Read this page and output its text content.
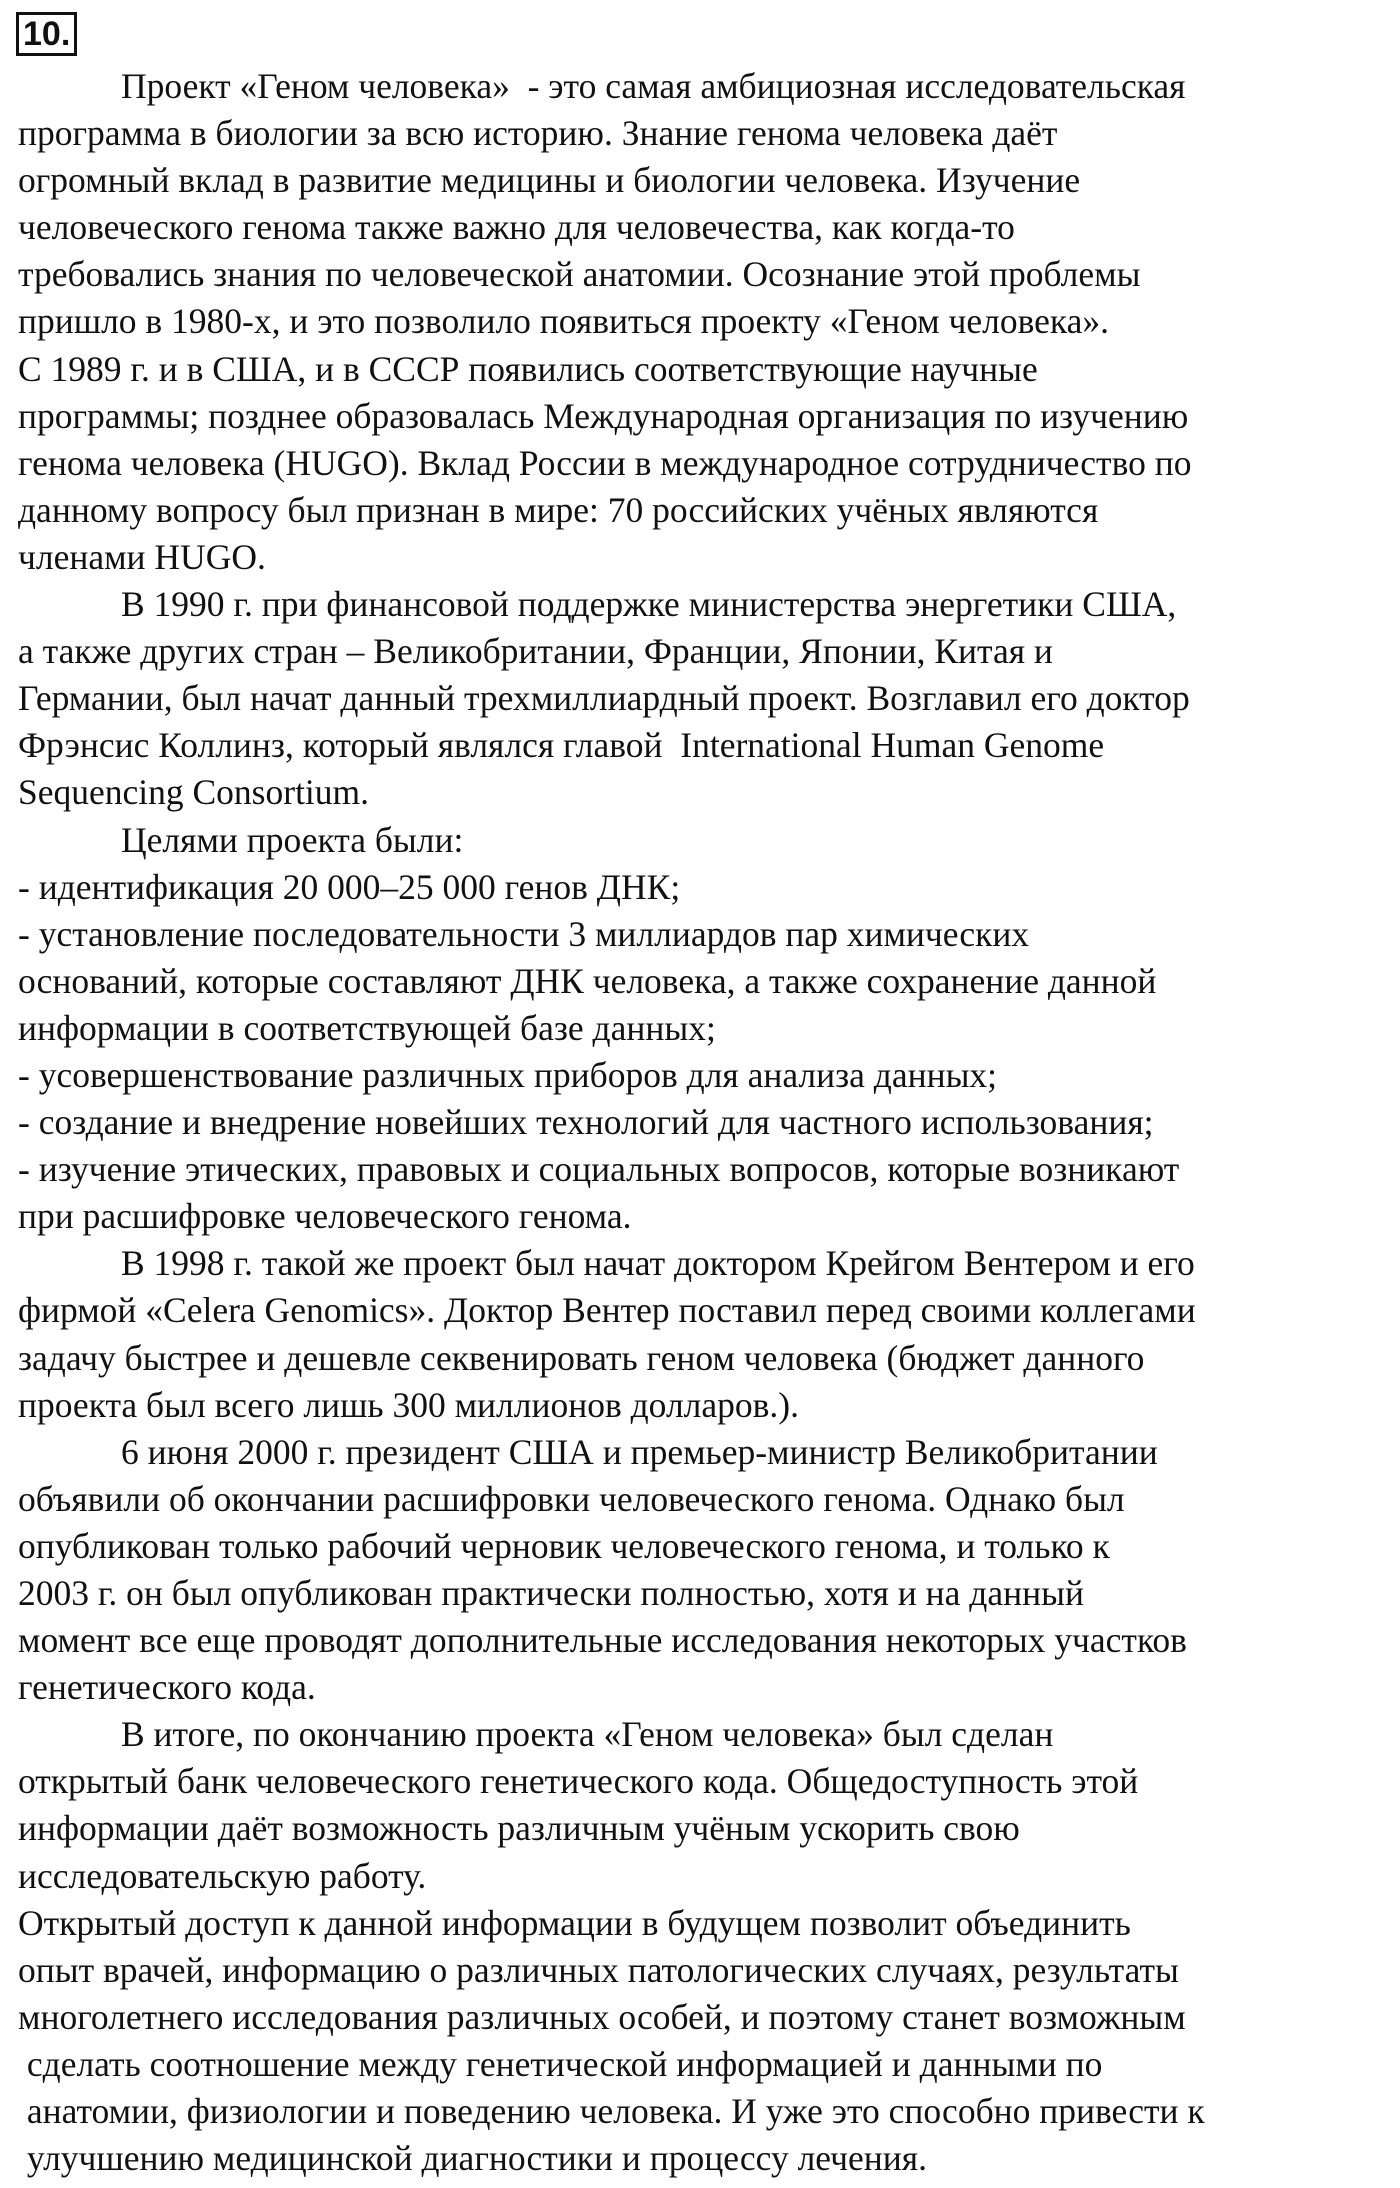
10.
Проект «Геном человека»  - это самая амбициозная исследовательская
программа в биологии за всю историю. Знание генома человека даёт
огромный вклад в развитие медицины и биологии человека. Изучение
человеческого генома также важно для человечества, как когда-то
требовались знания по человеческой анатомии. Осознание этой проблемы
пришло в 1980-х, и это позволило появиться проекту «Геном человека».
С 1989 г. и в США, и в СССР появились соответствующие научные
программы; позднее образовалась Международная организация по изучению
генома человека (HUGO). Вклад России в международное сотрудничество по
данному вопросу был признан в мире: 70 российских учёных являются
членами HUGO.
В 1990 г. при финансовой поддержке министерства энергетики США,
а также других стран – Великобритании, Франции, Японии, Китая и
Германии, был начат данный трехмиллиардный проект. Возглавил его доктор
Фрэнсис Коллинз, который являлся главой  International Human Genome
Sequencing Consortium.
Целями проекта были:
- идентификация 20 000–25 000 генов ДНК;
- установление последовательности 3 миллиардов пар химических
оснований, которые составляют ДНК человека, а также сохранение данной
информации в соответствующей базе данных;
- усовершенствование различных приборов для анализа данных;
- создание и внедрение новейших технологий для частного использования;
- изучение этических, правовых и социальных вопросов, которые возникают
при расшифровке человеческого генома.
В 1998 г. такой же проект был начат доктором Крейгом Вентером и его
фирмой «Celera Genomics». Доктор Вентер поставил перед своими коллегами
задачу быстрее и дешевле секвенировать геном человека (бюджет данного
проекта был всего лишь 300 миллионов долларов.).
6 июня 2000 г. президент США и премьер-министр Великобритании
объявили об окончании расшифровки человеческого генома. Однако был
опубликован только рабочий черновик человеческого генома, и только к
2003 г. он был опубликован практически полностью, хотя и на данный
момент все еще проводят дополнительные исследования некоторых участков
генетического кода.
В итоге, по окончанию проекта «Геном человека» был сделан
открытый банк человеческого генетического кода. Общедоступность этой
информации даёт возможность различным учёным ускорить свою
исследовательскую работу.
Открытый доступ к данной информации в будущем позволит объединить
опыт врачей, информацию о различных патологических случаях, результаты
многолетнего исследования различных особей, и поэтому станет возможным
сделать соотношение между генетической информацией и данными по
анатомии, физиологии и поведению человека. И уже это способно привести к
улучшению медицинской диагностики и процессу лечения.
